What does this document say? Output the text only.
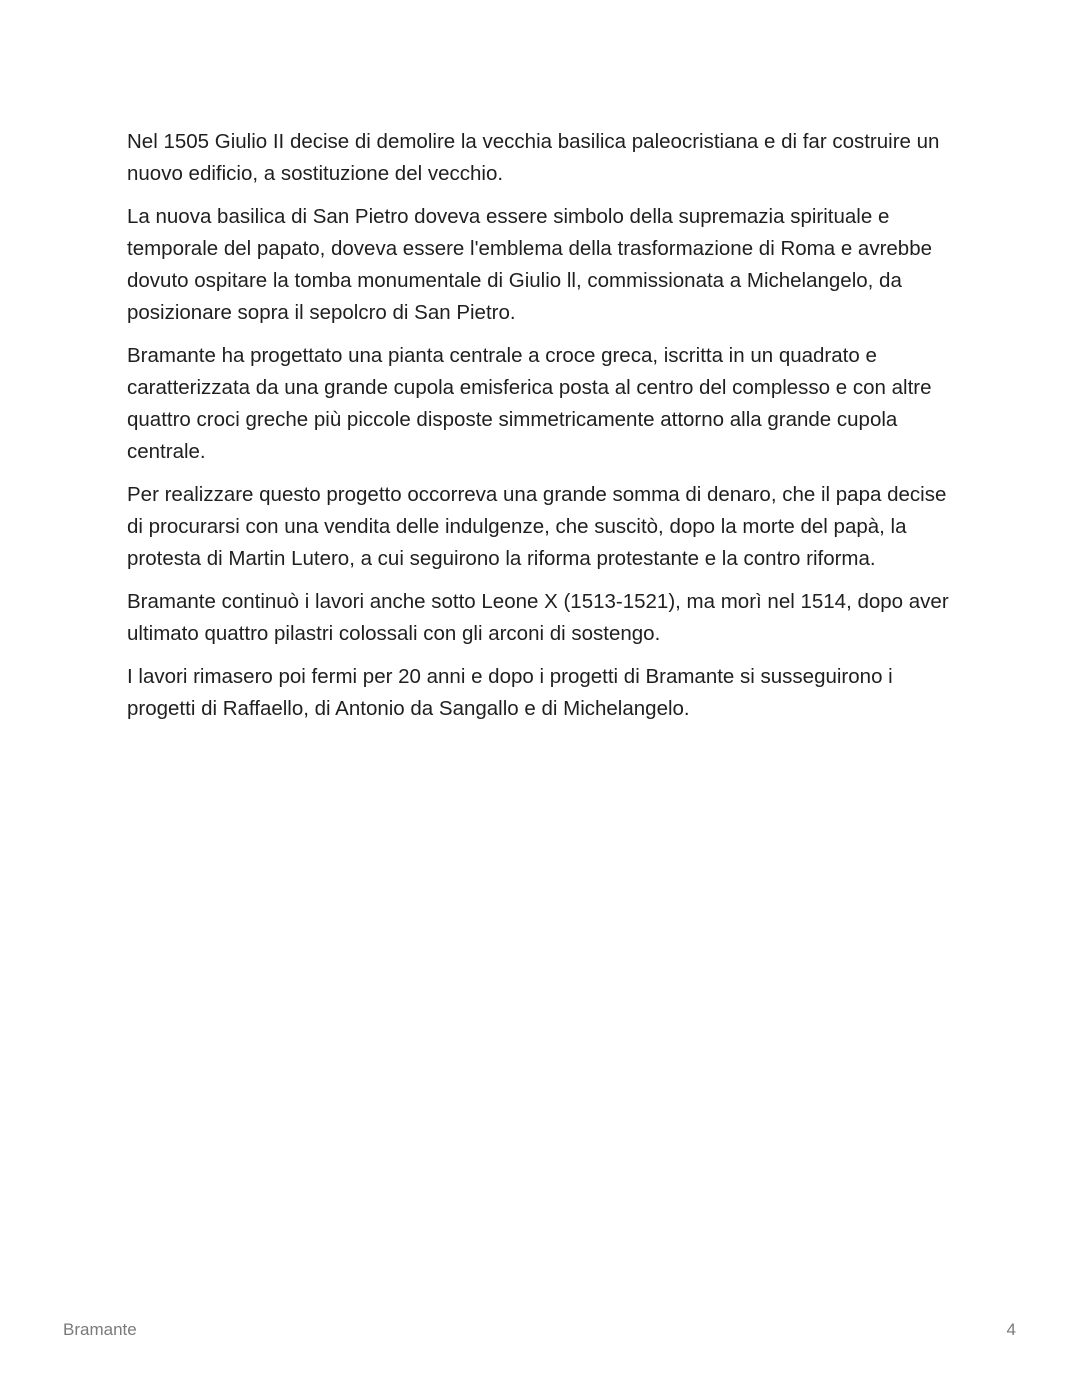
Nel 1505 Giulio II decise di demolire la vecchia basilica paleocristiana e di far costruire un nuovo edificio, a sostituzione del vecchio.

La nuova basilica di San Pietro doveva essere simbolo della supremazia spirituale e temporale del papato, doveva essere l'emblema della trasformazione di Roma e avrebbe dovuto ospitare la tomba monumentale di Giulio ll, commissionata a Michelangelo, da posizionare sopra il sepolcro di San Pietro.

Bramante ha progettato una pianta centrale a croce greca, iscritta in un quadrato e caratterizzata da una grande cupola emisferica posta al centro del complesso e con altre quattro croci greche più piccole disposte simmetricamente attorno alla grande cupola centrale.

Per realizzare questo progetto occorreva una grande somma di denaro, che il papa decise di procurarsi con una vendita delle indulgenze, che suscitò, dopo la morte del papà, la protesta di Martin Lutero, a cui seguirono la riforma protestante e la contro riforma.

Bramante continuò i lavori anche sotto Leone X (1513-1521), ma morì nel 1514, dopo aver ultimato quattro pilastri colossali con gli arconi di sostengo.

I lavori rimasero poi fermi per 20 anni e dopo i progetti di Bramante si susseguirono i progetti di Raffaello, di Antonio da Sangallo e di Michelangelo.

Bramante	4
